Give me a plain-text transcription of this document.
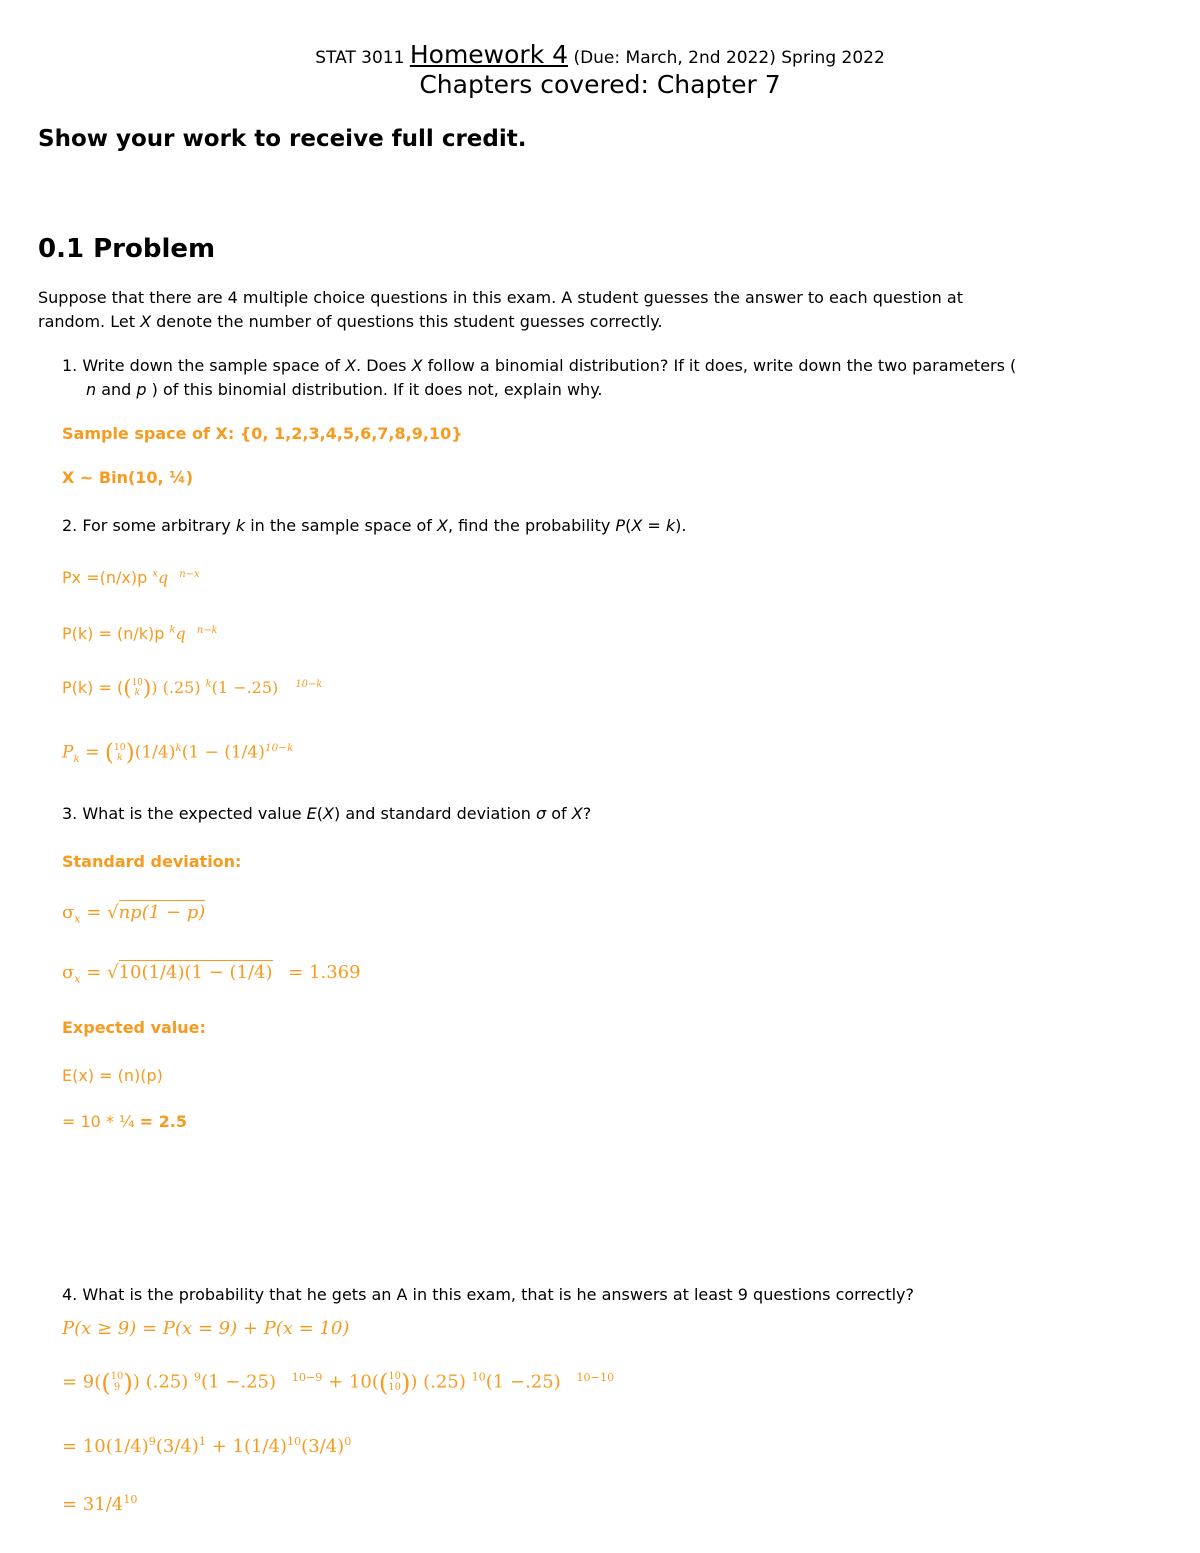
STAT 3011 Homework 4 (Due: March, 2nd 2022) Spring 2022
Chapters covered: Chapter 7
Show your work to receive full credit.
0.1 Problem
Suppose that there are 4 multiple choice questions in this exam. A student guesses the answer to each question at
random. Let X denote the number of questions this student guesses correctly.
1. Write down the sample space of X. Does X follow a binomial distribution? If it does, write down the two parameters (
n and p ) of this binomial distribution. If it does not, explain why.
Sample space of X: {0, 1,2,3,4,5,6,7,8,9,10}
X ~ Bin(10, ¼)
2. For some arbitrary k in the sample space of X, find the probability P(X = k).
Px =(n/x)p $^x$q $^{n-x}$
P(k) = (n/k)p $^k$q $^{n-k}$
P(k) = ((10
k )) (.25) $^k$(1 −.25) $^{10-k}$
$P_k = (10$
k )$(1/4)^k(1 - (1/4)^{10-k}$
3. What is the expected value E(X) and standard deviation σ of X?
Standard deviation:
$\sigma_x = √np(1 - p)$
$\sigma_x = √10(1/4)(1 - (1/4) = 1.369$
Expected value:
E(x) = (n)(p)
= 10 * ¼ = 2.5
4. What is the probability that he gets an A in this exam, that is he answers at least 9 questions correctly?
P(x ≥ 9) = P(x = 9) + P(x = 10)
= 9((10
9 )) (.25) $^9$(1 −.25) $^{10-9}$ + 10((10
10)) (.25) $^{10}$(1 −.25) $^{10-10}$
= $10(1/4)^9(3/4)^1 + 1(1/4)^{10}(3/4)^0$
= $31/4^{10}$
